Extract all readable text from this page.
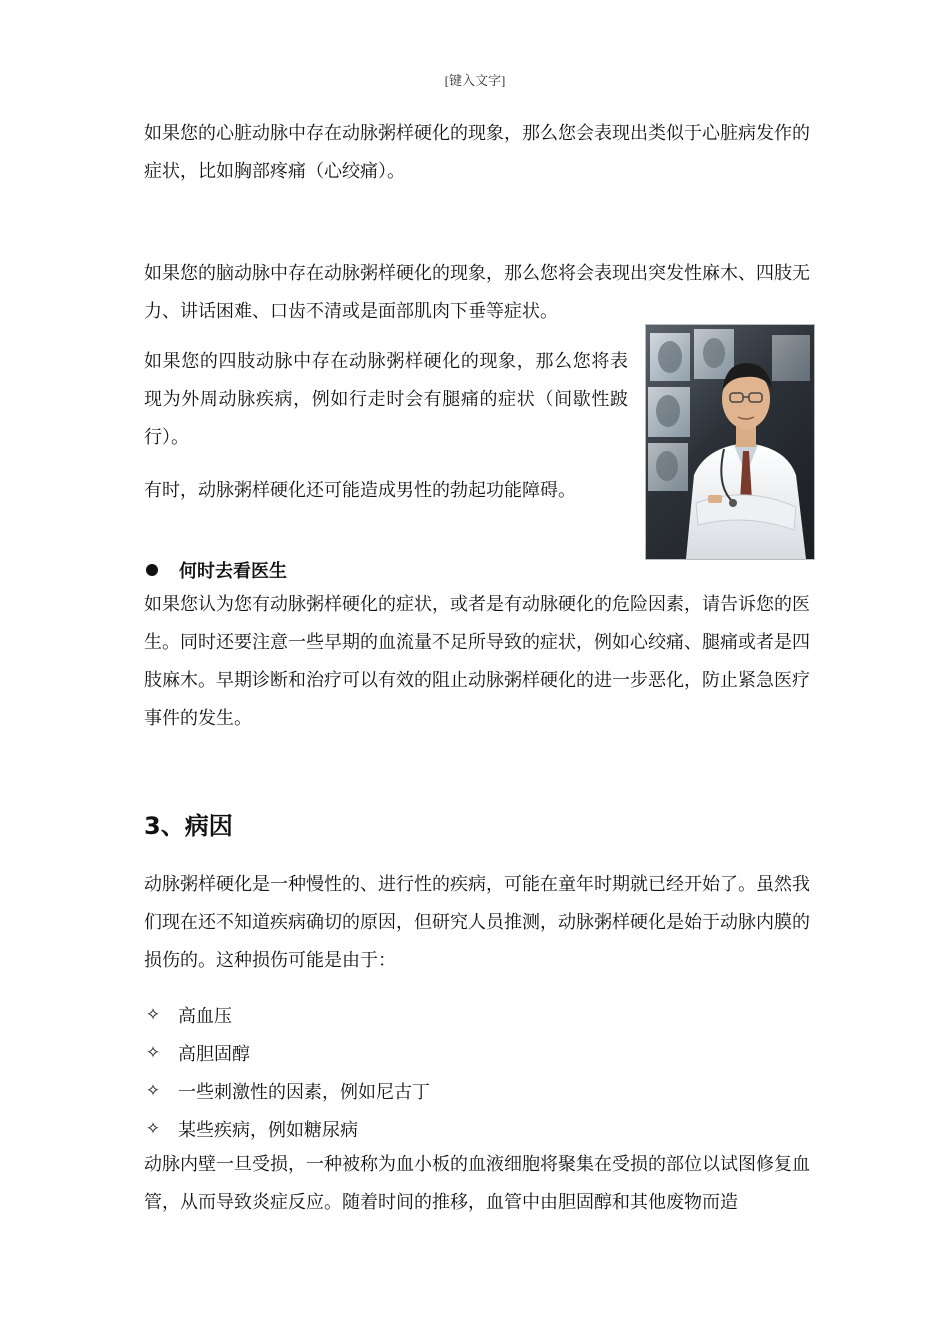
[键入文字]

如果您的心脏动脉中存在动脉粥样硬化的现象，那么您会表现出类似于心脏病发作的症状，比如胸部疼痛（心绞痛）。

如果您的脑动脉中存在动脉粥样硬化的现象，那么您将会表现出突发性麻木、四肢无力、讲话困难、口齿不清或是面部肌肉下垂等症状。

如果您的四肢动脉中存在动脉粥样硬化的现象，那么您将表现为外周动脉疾病，例如行走时会有腿痛的症状（间歇性跛行）。

有时，动脉粥样硬化还可能造成男性的勃起功能障碍。

何时去看医生

如果您认为您有动脉粥样硬化的症状，或者是有动脉硬化的危险因素，请告诉您的医生。同时还要注意一些早期的血流量不足所导致的症状，例如心绞痛、腿痛或者是四肢麻木。早期诊断和治疗可以有效的阻止动脉粥样硬化的进一步恶化，防止紧急医疗事件的发生。

3、病因

动脉粥样硬化是一种慢性的、进行性的疾病，可能在童年时期就已经开始了。虽然我们现在还不知道疾病确切的原因，但研究人员推测，动脉粥样硬化是始于动脉内膜的损伤的。这种损伤可能是由于：

✧ 高血压
✧ 高胆固醇
✧ 一些刺激性的因素，例如尼古丁
✧ 某些疾病，例如糖尿病

动脉内壁一旦受损，一种被称为血小板的血液细胞将聚集在受损的部位以试图修复血管，从而导致炎症反应。随着时间的推移，血管中由胆固醇和其他废物而造
